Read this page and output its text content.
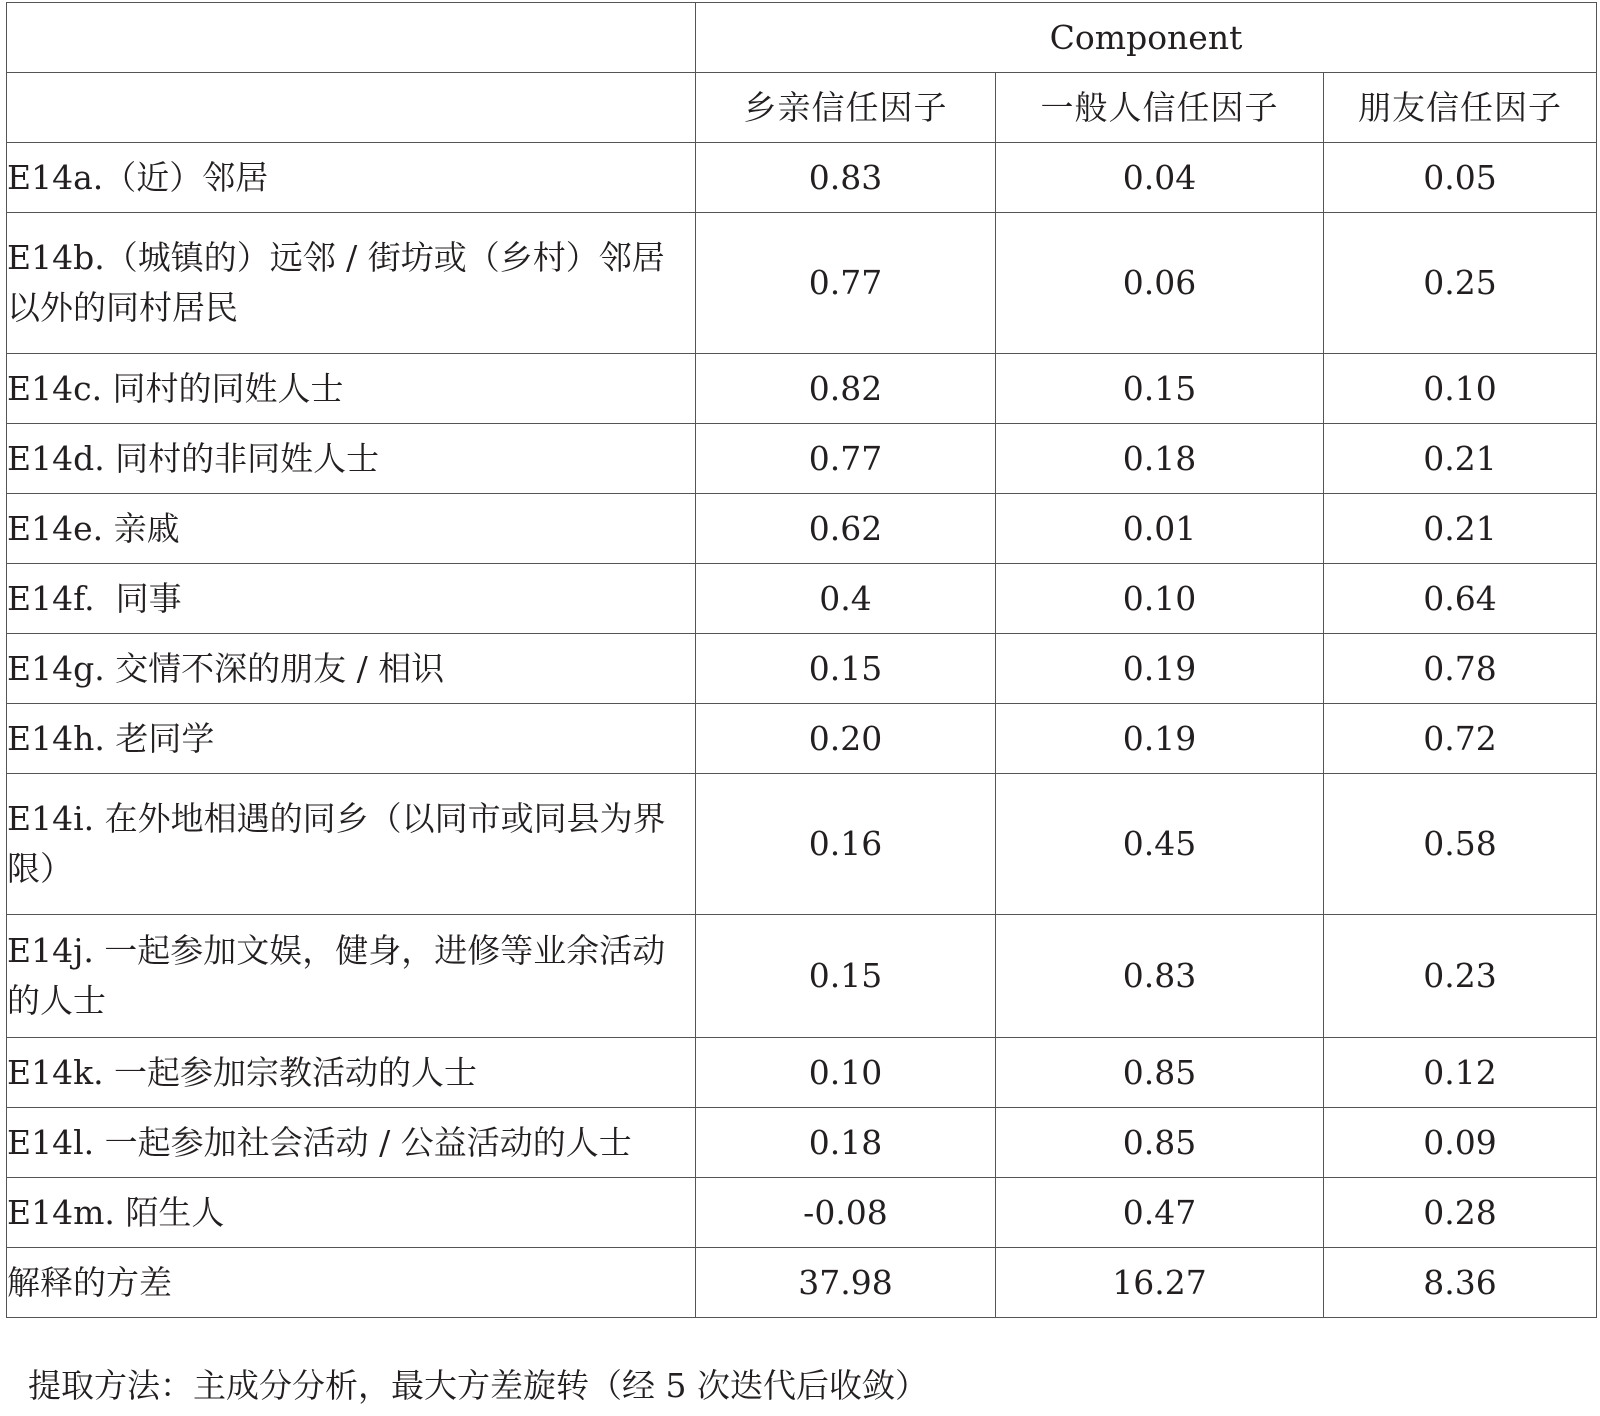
	Component		
	乡亲信任因子	一般人信任因子	朋友信任因子
E14a.（近）邻居	0.83	0.04	0.05
E14b.（城镇的）远邻 / 街坊或（乡村）邻居以外的同村居民	0.77	0.06	0.25
E14c. 同村的同姓人士	0.82	0.15	0.10
E14d. 同村的非同姓人士	0.77	0.18	0.21
E14e. 亲戚	0.62	0.01	0.21
E14f.  同事	0.4	0.10	0.64
E14g. 交情不深的朋友 / 相识	0.15	0.19	0.78
E14h. 老同学	0.20	0.19	0.72
E14i. 在外地相遇的同乡（以同市或同县为界限）	0.16	0.45	0.58
E14j. 一起参加文娱，健身，进修等业余活动的人士	0.15	0.83	0.23
E14k. 一起参加宗教活动的人士	0.10	0.85	0.12
E14l. 一起参加社会活动 / 公益活动的人士	0.18	0.85	0.09
E14m. 陌生人	-0.08	0.47	0.28
解释的方差	37.98	16.27	8.36
提取方法：主成分分析，最大方差旋转（经 5 次迭代后收敛）
